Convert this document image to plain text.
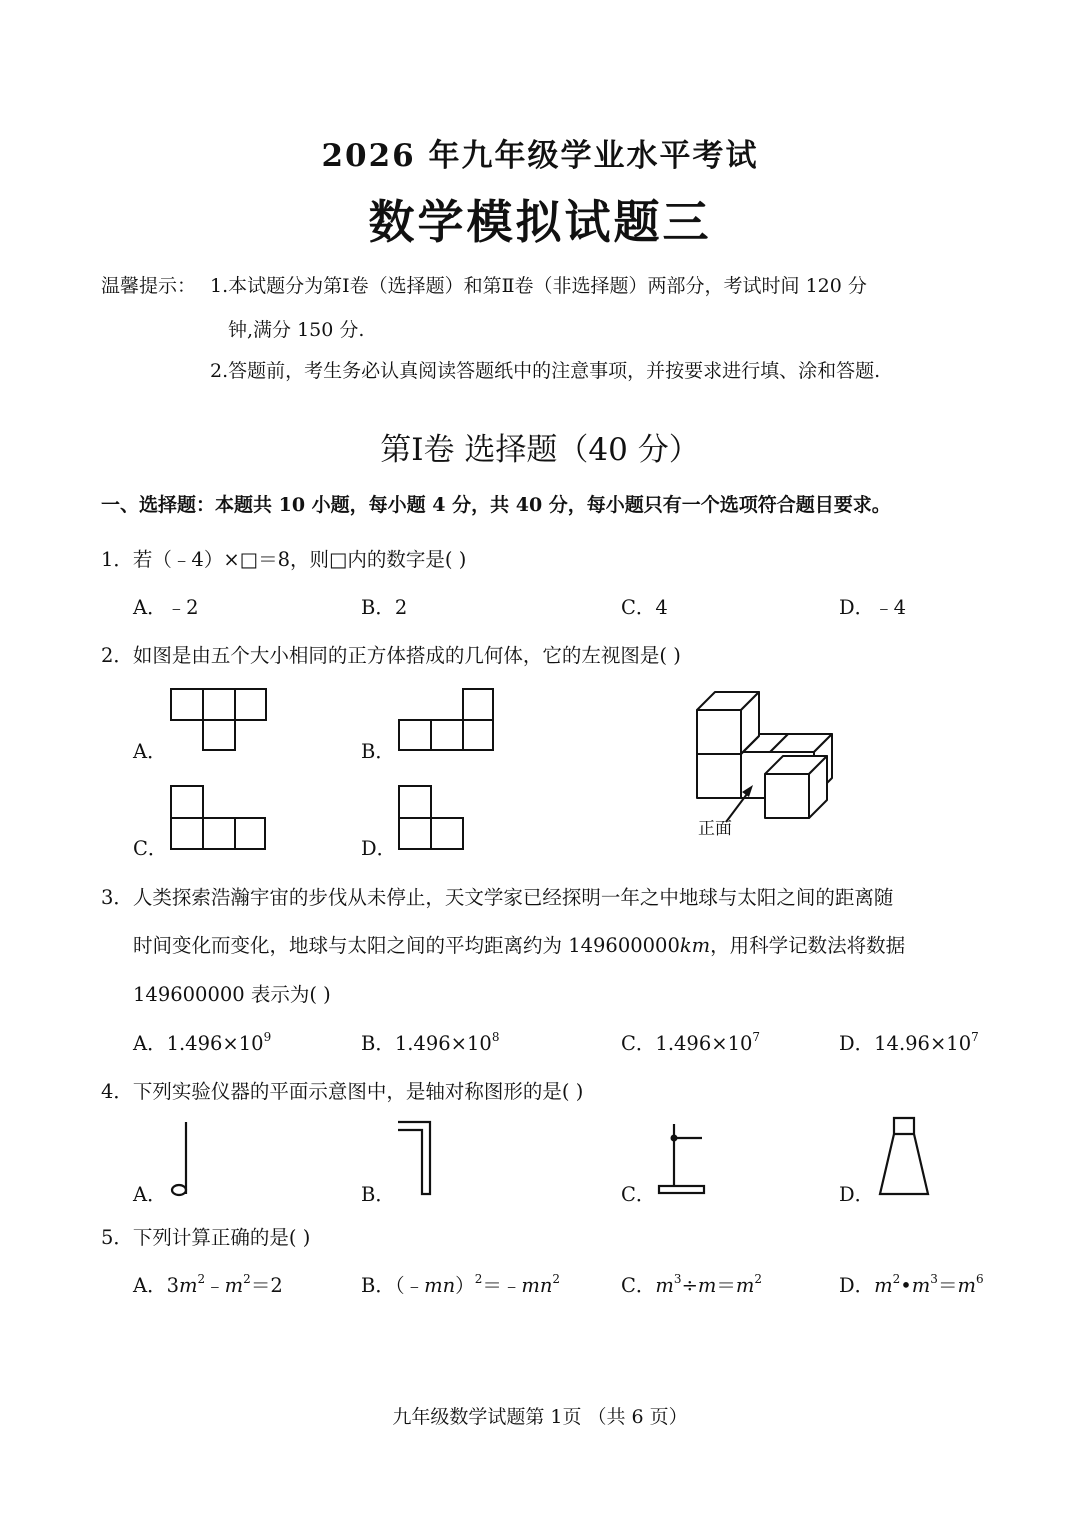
2026 年九年级学业水平考试
数学模拟试题三
温馨提示： 1.本试题分为第Ⅰ卷（选择题）和第Ⅱ卷（非选择题）两部分，考试时间 120 分
钟,满分 150 分.
2.答题前，考生务必认真阅读答题纸中的注意事项，并按要求进行填、涂和答题.
第Ⅰ卷 选择题（40 分）
一、选择题：本题共 10 小题，每小题 4 分，共 40 分，每小题只有一个选项符合题目要求。
1．若（﹣4）×□＝8，则□内的数字是( )
A．﹣2	B．2	C．4	D．﹣4
2．如图是由五个大小相同的正方体搭成的几何体，它的左视图是( )
A．	B．
C．	D．
正面
3．人类探索浩瀚宇宙的步伐从未停止，天文学家已经探明一年之中地球与太阳之间的距离随
时间变化而变化，地球与太阳之间的平均距离约为 149600000km，用科学记数法将数据
149600000 表示为( )
A．$1.496\times 10^9$	B．$1.496\times 10^8$	C．$1.496\times 10^7$	D．$14.96\times 10^7$
4．下列实验仪器的平面示意图中，是轴对称图形的是( )
A．	B．	C．	D．
5．下列计算正确的是( )
A．$3m^2﹣m^2=2$	B．$(﹣mn)^2=﹣mn^2$	C．$m^3\div m=m^2$	D．$m^2•m^3=m^6$
九年级数学试题第 1页 （共 6 页）
